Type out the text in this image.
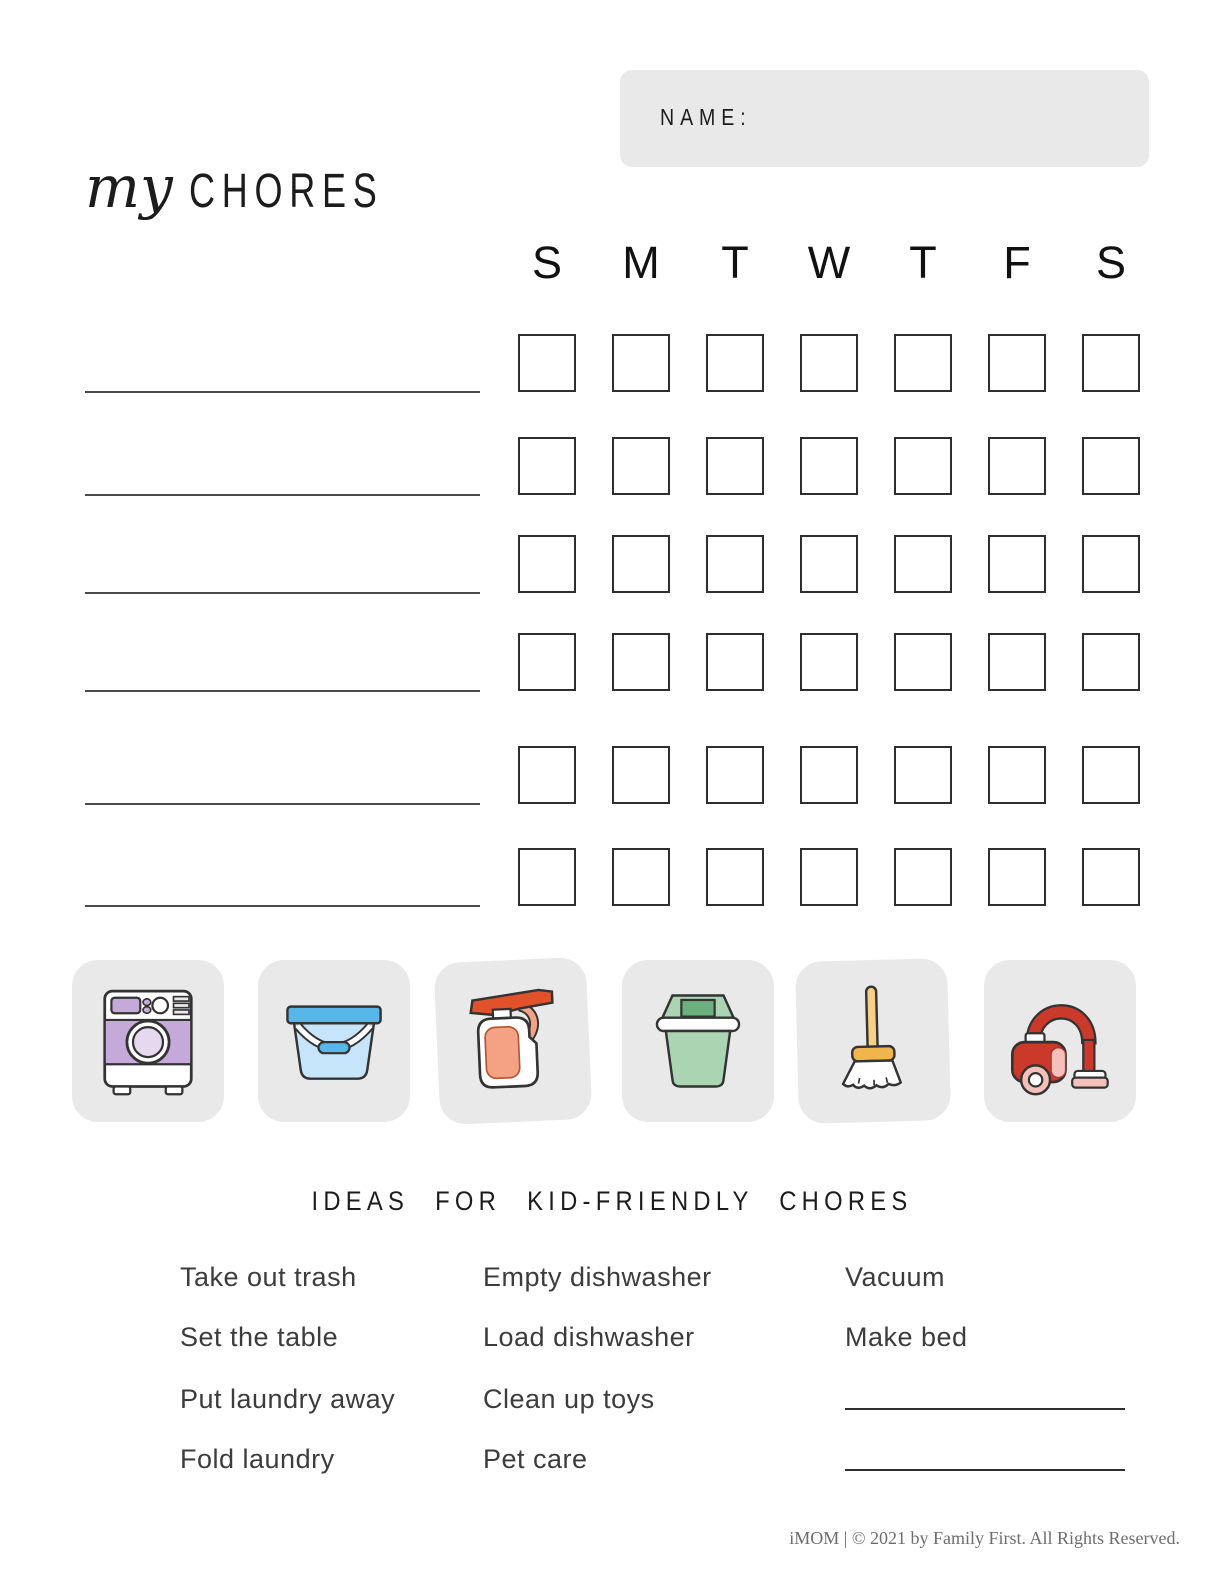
NAME:
my CHORES
IDEAS FOR KID-FRIENDLY CHORES
iMOM | © 2021 by Family First. All Rights Reserved.
S	M	T	W	T	F	S
Take out trash
Set the table
Put laundry away
Fold laundry
Empty dishwasher
Load dishwasher
Clean up toys
Pet care
Vacuum
Make bed
